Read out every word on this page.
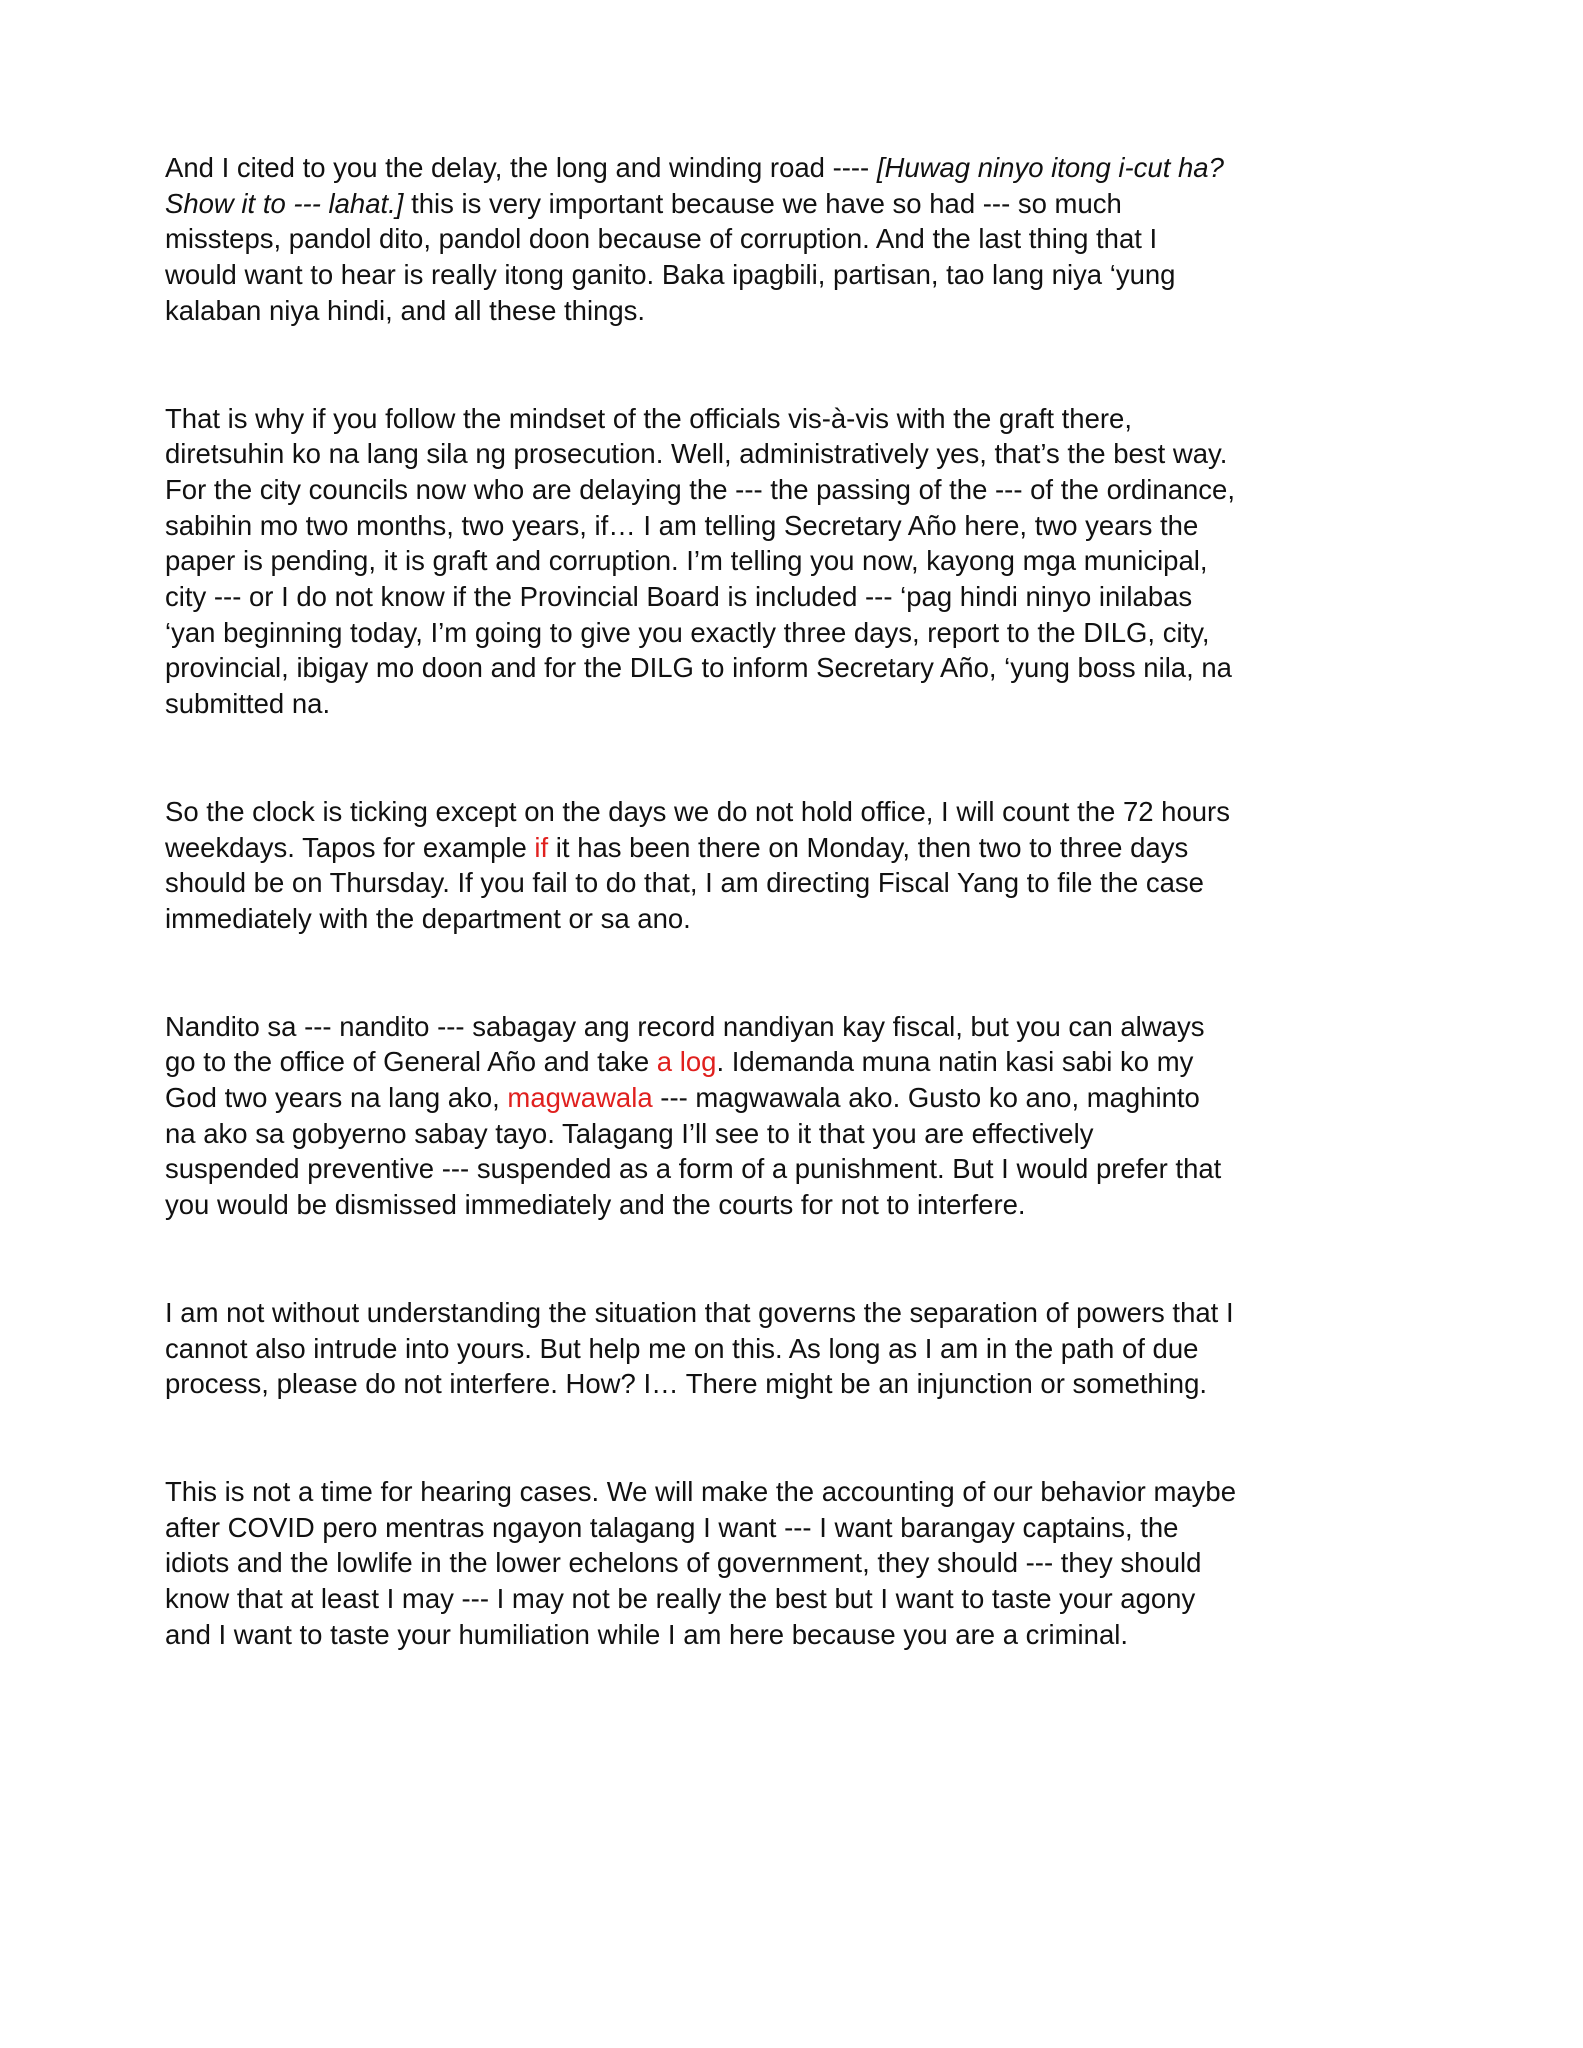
And I cited to you the delay, the long and winding road ---- [Huwag ninyo itong i-cut ha?
Show it to --- lahat.] this is very important because we have so had --- so much
missteps, pandol dito, pandol doon because of corruption. And the last thing that I
would want to hear is really itong ganito. Baka ipagbili, partisan, tao lang niya ‘yung
kalaban niya hindi, and all these things.

That is why if you follow the mindset of the officials vis-à-vis with the graft there,
diretsuhin ko na lang sila ng prosecution. Well, administratively yes, that’s the best way.
For the city councils now who are delaying the --- the passing of the --- of the ordinance,
sabihin mo two months, two years, if… I am telling Secretary Año here, two years the
paper is pending, it is graft and corruption. I’m telling you now, kayong mga municipal,
city --- or I do not know if the Provincial Board is included --- ‘pag hindi ninyo inilabas
‘yan beginning today, I’m going to give you exactly three days, report to the DILG, city,
provincial, ibigay mo doon and for the DILG to inform Secretary Año, ‘yung boss nila, na
submitted na.

So the clock is ticking except on the days we do not hold office, I will count the 72 hours
weekdays. Tapos for example if it has been there on Monday, then two to three days
should be on Thursday. If you fail to do that, I am directing Fiscal Yang to file the case
immediately with the department or sa ano.

Nandito sa --- nandito --- sabagay ang record nandiyan kay fiscal, but you can always
go to the office of General Año and take a log. Idemanda muna natin kasi sabi ko my
God two years na lang ako, magwawala --- magwawala ako. Gusto ko ano, maghinto
na ako sa gobyerno sabay tayo. Talagang I’ll see to it that you are effectively
suspended preventive --- suspended as a form of a punishment. But I would prefer that
you would be dismissed immediately and the courts for not to interfere.

I am not without understanding the situation that governs the separation of powers that I
cannot also intrude into yours. But help me on this. As long as I am in the path of due
process, please do not interfere. How? I… There might be an injunction or something.

This is not a time for hearing cases. We will make the accounting of our behavior maybe
after COVID pero mentras ngayon talagang I want --- I want barangay captains, the
idiots and the lowlife in the lower echelons of government, they should --- they should
know that at least I may --- I may not be really the best but I want to taste your agony
and I want to taste your humiliation while I am here because you are a criminal.
